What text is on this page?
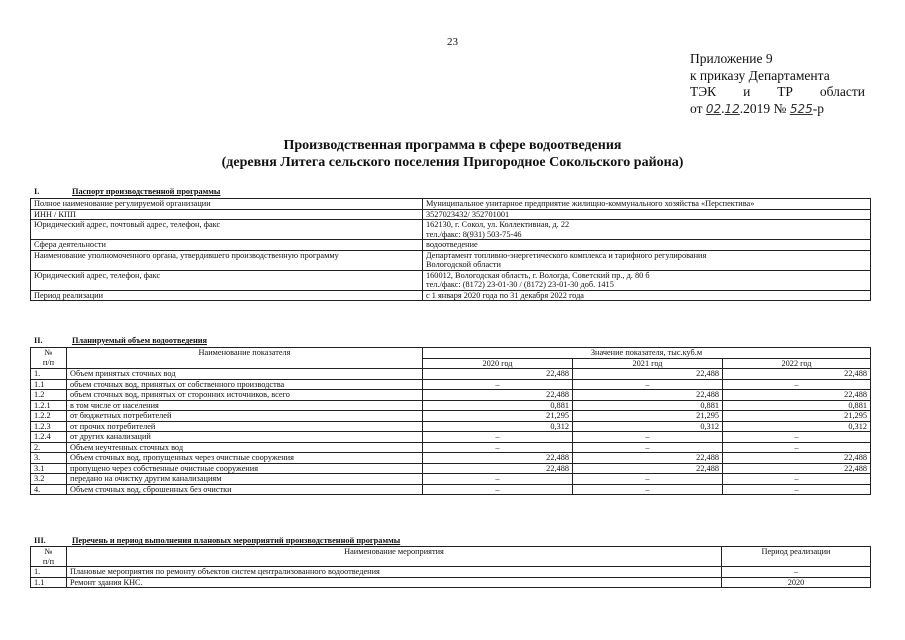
23
Приложение 9
к приказу Департамента
ТЭК и ТР области
от 02.12.2019 № 525-р
Производственная программа в сфере водоотведения
(деревня Литега сельского поселения Пригородное Сокольского района)
I.	Паспорт производственной программы
Полное наименование регулируемой организации	Муниципальное унитарное предприятие жилищно-коммунального хозяйства «Перспектива»

ИНН / КПП	3527023432/ 352701001

Юридический адрес, почтовый адрес, телефон, факс	162130, г. Сокол, ул. Коллективная, д. 22
тел./факс: 8(931) 503-75-46

Сфера деятельности	водоотведение

Наименование уполномоченного органа, утвердившего производственную программу	Департамент топливно-энергетического комплекса и тарифного регулирования
Вологодской области

Юридический адрес, телефон, факс	160012, Вологодская область, г. Вологда, Советский пр., д. 80 б
тел./факс: (8172) 23-01-30 / (8172) 23-01-30 доб. 1415

Период реализации	с 1 января 2020 года по 31 декабря 2022 года
II.	Планируемый объем водоотведения
№
п/п	Наименование показателя	Значение показателя, тыс.куб.м		
		2020 год	2021 год	2022 год
1.	Объем принятых сточных вод	22,488	22,488	22,488
1.1	объем сточных вод, принятых от собственного производства	–	–	–
1.2	объем сточных вод, принятых от сторонних источников, всего	22,488	22,488	22,488
1.2.1	в том числе от населения	0,881	0,881	0,881
1.2.2	от бюджетных потребителей	21,295	21,295	21,295
1.2.3	от прочих потребителей	0,312	0,312	0,312
1.2.4	от других канализаций	–	–	–
2.	Объем неучтенных сточных вод	–	–	–
3.	Объем сточных вод, пропущенных через очистные сооружения	22,488	22,488	22,488
3.1	пропущено через собственные очистные сооружения	22,488	22,488	22,488
3.2	передано на очистку другим канализациям	–	–	–
4.	Объем сточных вод, сброшенных без очистки	–	–	–
III.	Перечень и период выполнения плановых мероприятий производственной программы
№
п/п	Наименование мероприятия	Период реализации
1.	Плановые мероприятия по ремонту объектов систем централизованного водоотведения	–
1.1	Ремонт здания КНС.	2020
